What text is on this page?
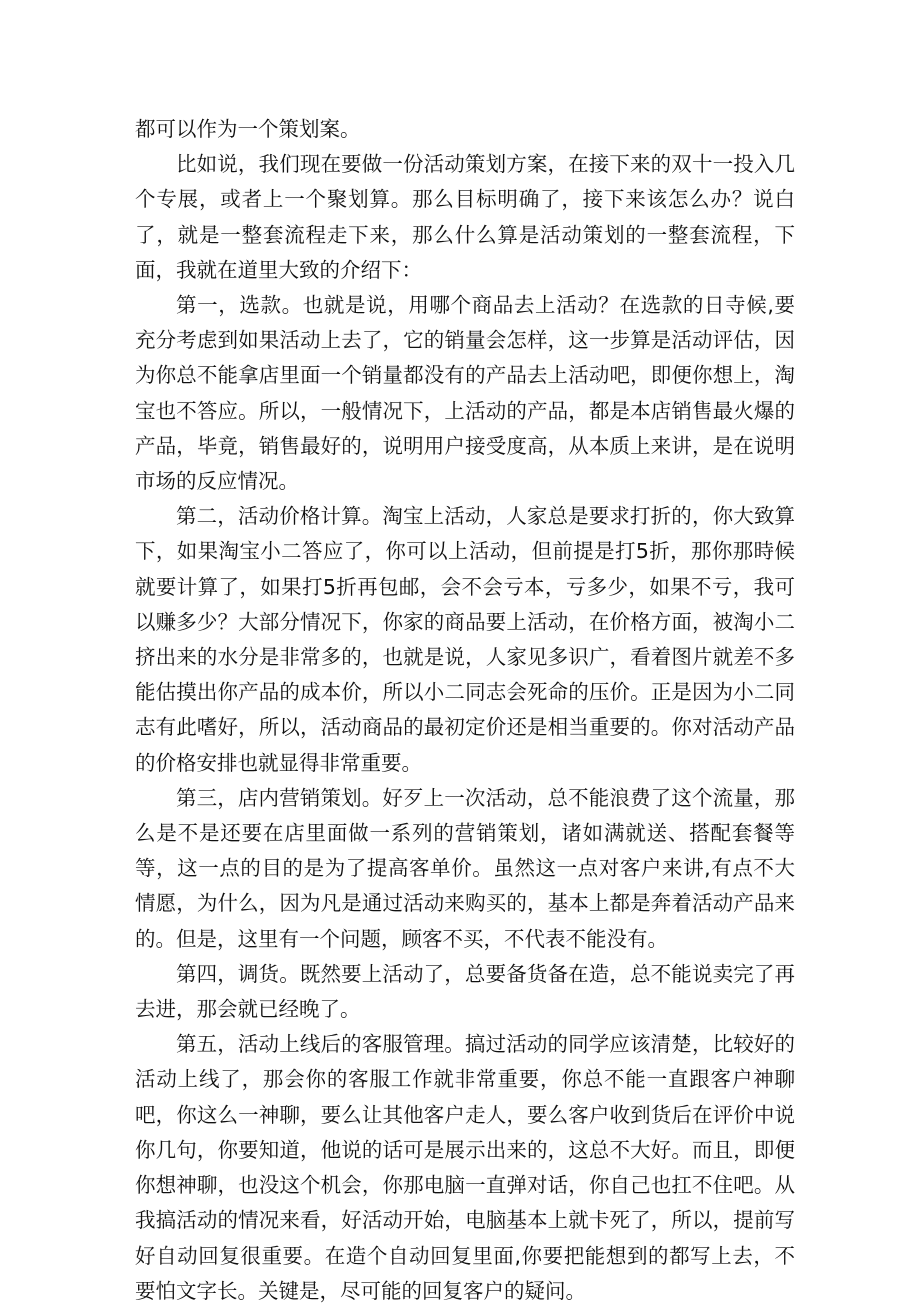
都可以作为一个策划案。

比如说，我们现在要做一份活动策划方案，在接下来的双十一投入几个专展，或者上一个聚划算。那么目标明确了，接下来该怎么办？说白了，就是一整套流程走下来，那么什么算是活动策划的一整套流程，下面，我就在道里大致的介绍下：

第一，选款。也就是说，用哪个商品去上活动？在选款的日寺候,要充分考虑到如果活动上去了，它的销量会怎样，这一步算是活动评估，因为你总不能拿店里面一个销量都没有的产品去上活动吧，即便你想上，淘宝也不答应。所以，一般情况下，上活动的产品，都是本店销售最火爆的产品，毕竟，销售最好的，说明用户接受度高，从本质上来讲，是在说明市场的反应情况。

第二，活动价格计算。淘宝上活动，人家总是要求打折的，你大致算下，如果淘宝小二答应了，你可以上活动，但前提是打5折，那你那時候就要计算了，如果打5折再包邮，会不会亏本，亏多少，如果不亏，我可以赚多少？大部分情况下，你家的商品要上活动，在价格方面，被淘小二挤出来的水分是非常多的，也就是说，人家见多识广，看着图片就差不多能估摸出你产品的成本价，所以小二同志会死命的压价。正是因为小二同志有此嗜好，所以，活动商品的最初定价还是相当重要的。你对活动产品的价格安排也就显得非常重要。

第三，店内营销策划。好歹上一次活动，总不能浪费了这个流量，那么是不是还要在店里面做一系列的营销策划，诸如满就送、搭配套餐等等，这一点的目的是为了提高客单价。虽然这一点对客户来讲,有点不大情愿，为什么，因为凡是通过活动来购买的，基本上都是奔着活动产品来的。但是，这里有一个问题，顾客不买，不代表不能没有。

第四，调货。既然要上活动了，总要备货备在造，总不能说卖完了再去进，那会就已经晚了。

第五，活动上线后的客服管理。搞过活动的同学应该清楚，比较好的活动上线了，那会你的客服工作就非常重要，你总不能一直跟客户神聊吧，你这么一神聊，要么让其他客户走人，要么客户收到货后在评价中说你几句，你要知道，他说的话可是展示出来的，这总不大好。而且，即便你想神聊，也没这个机会，你那电脑一直弹对话，你自己也扛不住吧。从我搞活动的情况来看，好活动开始，电脑基本上就卡死了，所以，提前写好自动回复很重要。在造个自动回复里面,你要把能想到的都写上去，不要怕文字长。关键是，尽可能的回复客户的疑问。
